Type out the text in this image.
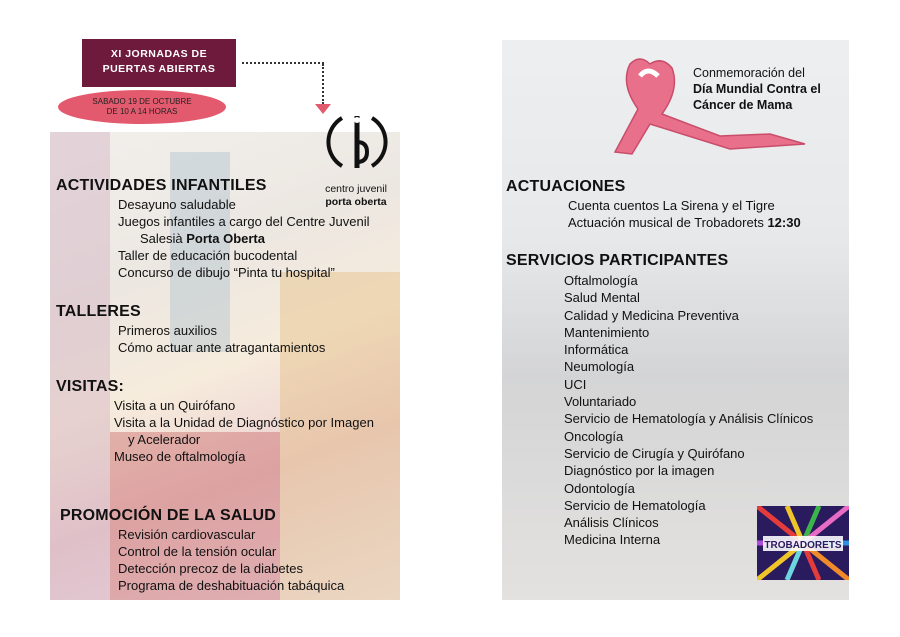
XI JORNADAS DE
PUERTAS ABIERTAS
SABADO 19 DE OCTUBRE
DE 10 A 14 HORAS
centro juvenil
porta oberta
ACTIVIDADES INFANTILES
Desayuno saludable
Juegos infantiles a cargo del Centre Juvenil
Salesià Porta Oberta
Taller de educación bucodental
Concurso de dibujo “Pinta tu hospital”
TALLERES
Primeros auxilios
Cómo actuar ante atragantamientos
VISITAS:
Visita a un Quirófano
Visita a la Unidad de Diagnóstico por Imagen
y Acelerador
Museo de oftalmología
PROMOCIÓN DE LA SALUD
Revisión cardiovascular
Control de la tensión ocular
Detección precoz de la diabetes
Programa de deshabituación tabáquica
Conmemoración del
Día Mundial Contra el
Cáncer de Mama
ACTUACIONES
Cuenta cuentos La Sirena y el Tigre
Actuación musical de Trobadorets 12:30
SERVICIOS PARTICIPANTES
Oftalmología
Salud Mental
Calidad y Medicina Preventiva
Mantenimiento
Informática
Neumología
UCI
Voluntariado
Servicio de Hematología y Análisis Clínicos
Oncología
Servicio de Cirugía y Quirófano
Diagnóstico por la imagen
Odontología
Servicio de Hematología
Análisis Clínicos
Medicina Interna	TROBADORETS
